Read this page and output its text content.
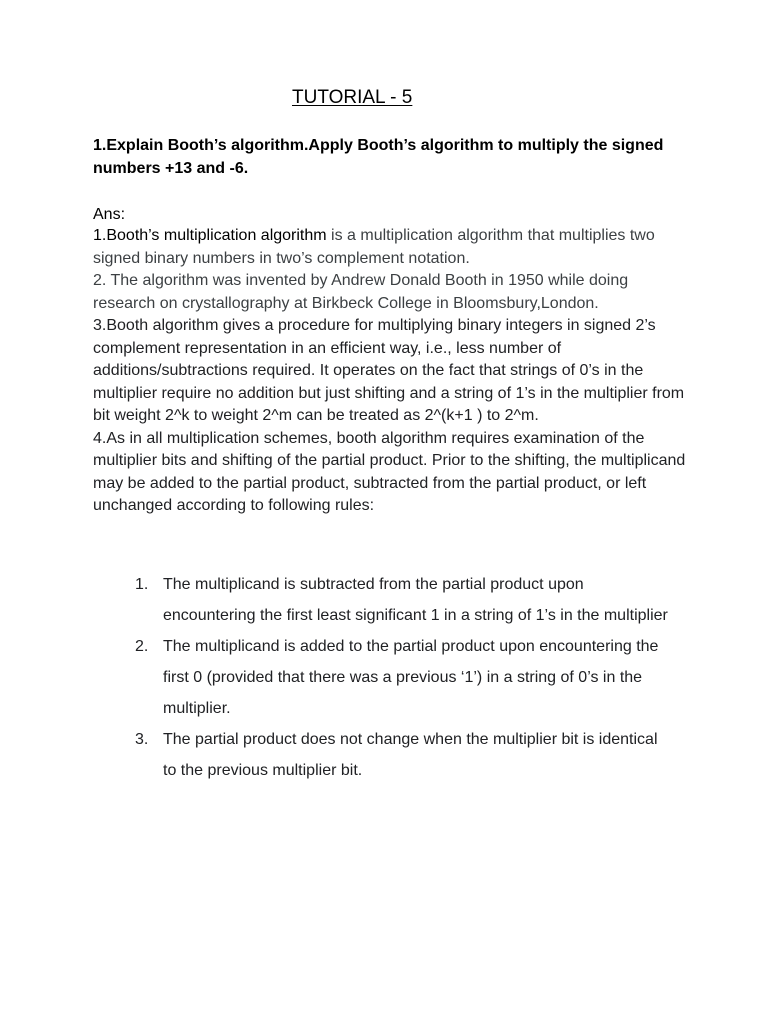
TUTORIAL - 5
1.Explain Booth’s algorithm.Apply Booth’s algorithm to multiply the signed numbers +13 and -6.
Ans:

1.Booth’s multiplication algorithm is a multiplication algorithm that multiplies two signed binary numbers in two’s complement notation.

2. The algorithm was invented by Andrew Donald Booth in 1950 while doing research on crystallography at Birkbeck College in Bloomsbury,London.

3.Booth algorithm gives a procedure for multiplying binary integers in signed 2’s complement representation in an efficient way, i.e., less number of additions/subtractions required. It operates on the fact that strings of 0’s in the multiplier require no addition but just shifting and a string of 1’s in the multiplier from bit weight 2^k to weight 2^m can be treated as 2^(k+1 ) to 2^m.

4.As in all multiplication schemes, booth algorithm requires examination of the multiplier bits and shifting of the partial product. Prior to the shifting, the multiplicand may be added to the partial product, subtracted from the partial product, or left unchanged according to following rules:

1. The multiplicand is subtracted from the partial product upon encountering the first least significant 1 in a string of 1’s in the multiplier
2. The multiplicand is added to the partial product upon encountering the first 0 (provided that there was a previous ‘1’) in a string of 0’s in the multiplier.
3. The partial product does not change when the multiplier bit is identical to the previous multiplier bit.
